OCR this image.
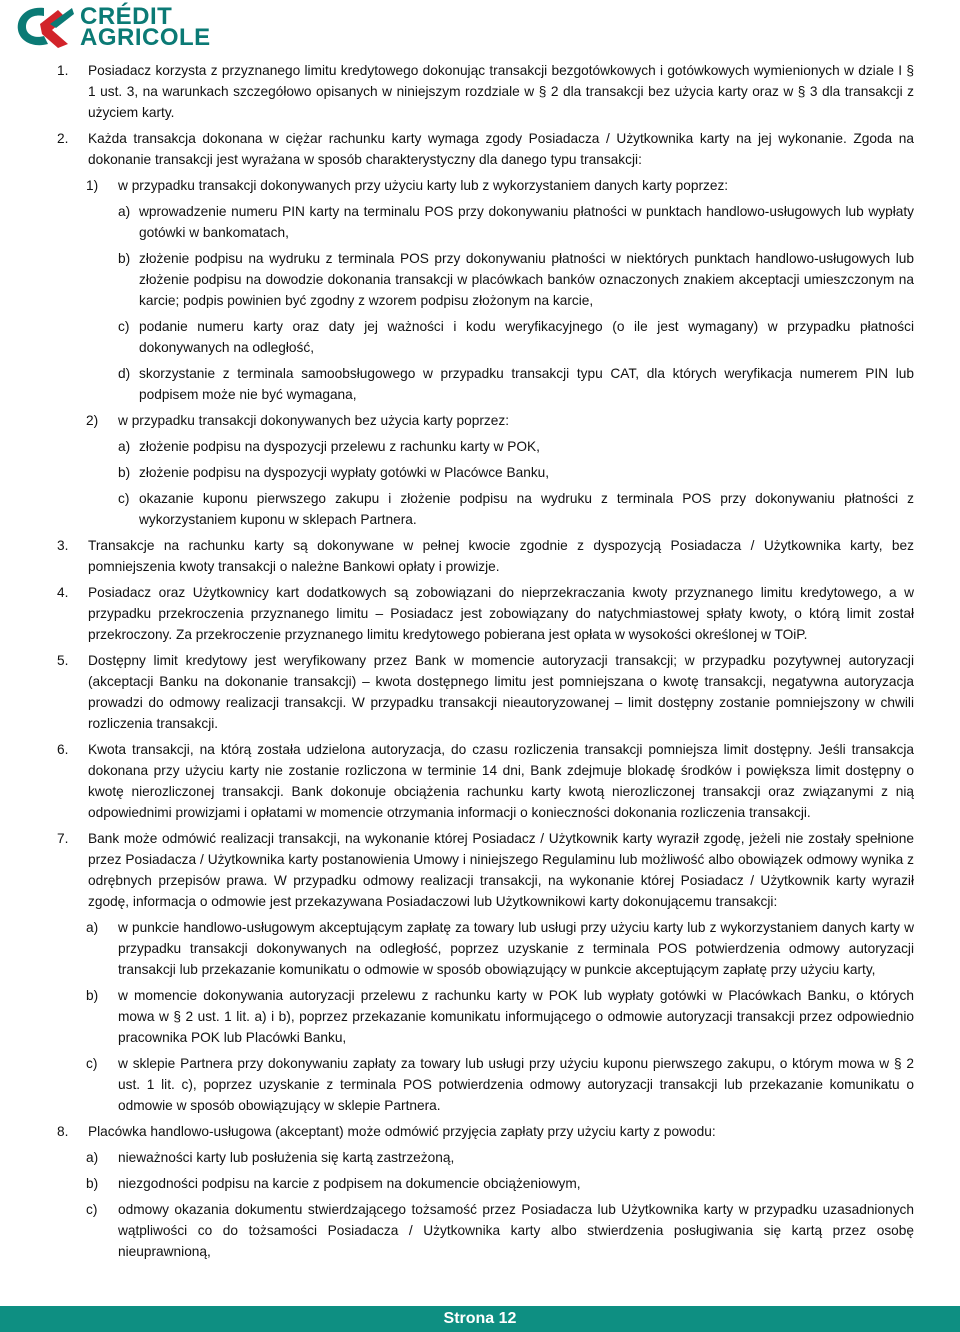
CRÉDIT
AGRICOLE

1. Posiadacz korzysta z przyznanego limitu kredytowego dokonując transakcji bezgotówkowych i gotówkowych wymienionych w dziale I § 1 ust. 3, na warunkach szczegółowo opisanych w niniejszym rozdziale w § 2 dla transakcji bez użycia karty oraz w § 3 dla transakcji z użyciem karty.

2. Każda transakcja dokonana w ciężar rachunku karty wymaga zgody Posiadacza / Użytkownika karty na jej wykonanie. Zgoda na dokonanie transakcji jest wyrażana w sposób charakterystyczny dla danego typu transakcji:

1) w przypadku transakcji dokonywanych przy użyciu karty lub z wykorzystaniem danych karty poprzez:

a) wprowadzenie numeru PIN karty na terminalu POS przy dokonywaniu płatności w punktach handlowo-usługowych lub wypłaty gotówki w bankomatach,

b) złożenie podpisu na wydruku z terminala POS przy dokonywaniu płatności w niektórych punktach handlowo-usługowych lub złożenie podpisu na dowodzie dokonania transakcji w placówkach banków oznaczonych znakiem akceptacji umieszczonym na karcie; podpis powinien być zgodny z wzorem podpisu złożonym na karcie,

c) podanie numeru karty oraz daty jej ważności i kodu weryfikacyjnego (o ile jest wymagany) w przypadku płatności dokonywanych na odległość,

d) skorzystanie z terminala samoobsługowego w przypadku transakcji typu CAT, dla których weryfikacja numerem PIN lub podpisem może nie być wymagana,

2) w przypadku transakcji dokonywanych bez użycia karty poprzez:

a) złożenie podpisu na dyspozycji przelewu z rachunku karty w POK,

b) złożenie podpisu na dyspozycji wypłaty gotówki w Placówce Banku,

c) okazanie kuponu pierwszego zakupu i złożenie podpisu na wydruku z terminala POS przy dokonywaniu płatności z wykorzystaniem kuponu w sklepach Partnera.

3. Transakcje na rachunku karty są dokonywane w pełnej kwocie zgodnie z dyspozycją Posiadacza / Użytkownika karty, bez pomniejszenia kwoty transakcji o należne Bankowi opłaty i prowizje.

4. Posiadacz oraz Użytkownicy kart dodatkowych są zobowiązani do nieprzekraczania kwoty przyznanego limitu kredytowego, a w przypadku przekroczenia przyznanego limitu – Posiadacz jest zobowiązany do natychmiastowej spłaty kwoty, o którą limit został przekroczony. Za przekroczenie przyznanego limitu kredytowego pobierana jest opłata w wysokości określonej w TOiP.

5. Dostępny limit kredytowy jest weryfikowany przez Bank w momencie autoryzacji transakcji; w przypadku pozytywnej autoryzacji (akceptacji Banku na dokonanie transakcji) – kwota dostępnego limitu jest pomniejszana o kwotę transakcji, negatywna autoryzacja prowadzi do odmowy realizacji transakcji. W przypadku transakcji nieautoryzowanej – limit dostępny zostanie pomniejszony w chwili rozliczenia transakcji.

6. Kwota transakcji, na którą została udzielona autoryzacja, do czasu rozliczenia transakcji pomniejsza limit dostępny. Jeśli transakcja dokonana przy użyciu karty nie zostanie rozliczona w terminie 14 dni, Bank zdejmuje blokadę środków i powiększa limit dostępny o kwotę nierozliczonej transakcji. Bank dokonuje obciążenia rachunku karty kwotą nierozliczonej transakcji oraz związanymi z nią odpowiednimi prowizjami i opłatami w momencie otrzymania informacji o konieczności dokonania rozliczenia transakcji.

7. Bank może odmówić realizacji transakcji, na wykonanie której Posiadacz / Użytkownik karty wyraził zgodę, jeżeli nie zostały spełnione przez Posiadacza / Użytkownika karty postanowienia Umowy i niniejszego Regulaminu lub możliwość albo obowiązek odmowy wynika z odrębnych przepisów prawa. W przypadku odmowy realizacji transakcji, na wykonanie której Posiadacz / Użytkownik karty wyraził zgodę, informacja o odmowie jest przekazywana Posiadaczowi lub Użytkownikowi karty dokonującemu transakcji:

a) w punkcie handlowo-usługowym akceptującym zapłatę za towary lub usługi przy użyciu karty lub z wykorzystaniem danych karty w przypadku transakcji dokonywanych na odległość, poprzez uzyskanie z terminala POS potwierdzenia odmowy autoryzacji transakcji lub przekazanie komunikatu o odmowie w sposób obowiązujący w punkcie akceptującym zapłatę przy użyciu karty,

b) w momencie dokonywania autoryzacji przelewu z rachunku karty w POK lub wypłaty gotówki w Placówkach Banku, o których mowa w § 2 ust. 1 lit. a) i b), poprzez przekazanie komunikatu informującego o odmowie autoryzacji transakcji przez odpowiednio pracownika POK lub Placówki Banku,

c) w sklepie Partnera przy dokonywaniu zapłaty za towary lub usługi przy użyciu kuponu pierwszego zakupu, o którym mowa w § 2 ust. 1 lit. c), poprzez uzyskanie z terminala POS potwierdzenia odmowy autoryzacji transakcji lub przekazanie komunikatu o odmowie w sposób obowiązujący w sklepie Partnera.

8. Placówka handlowo-usługowa (akceptant) może odmówić przyjęcia zapłaty przy użyciu karty z powodu:

a) nieważności karty lub posłużenia się kartą zastrzeżoną,

b) niezgodności podpisu na karcie z podpisem na dokumencie obciążeniowym,

c) odmowy okazania dokumentu stwierdzającego tożsamość przez Posiadacza lub Użytkownika karty w przypadku uzasadnionych wątpliwości co do tożsamości Posiadacza / Użytkownika karty albo stwierdzenia posługiwania się kartą przez osobę nieuprawnioną,

Strona 12
